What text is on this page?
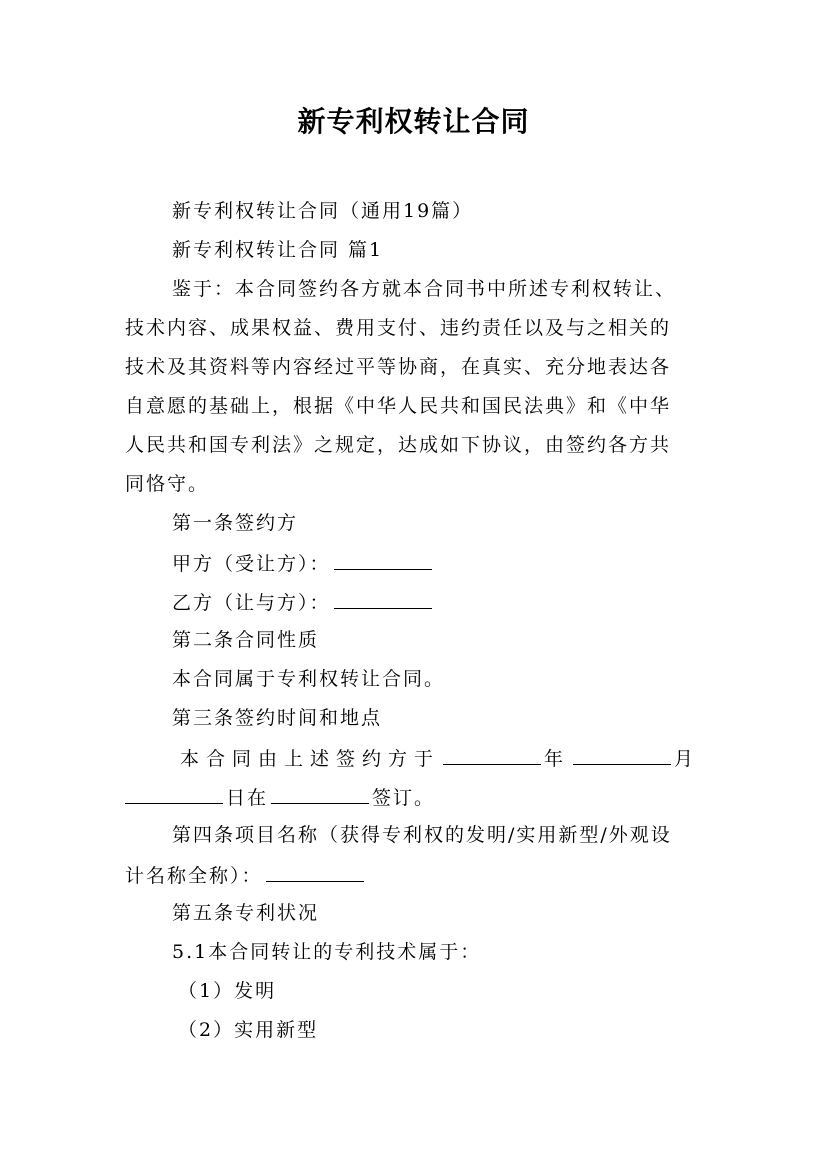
新专利权转让合同
新专利权转让合同（通用19篇）
新专利权转让合同 篇1
鉴于：本合同签约各方就本合同书中所述专利权转让、
技术内容、成果权益、费用支付、违约责任以及与之相关的
技术及其资料等内容经过平等协商，在真实、充分地表达各
自意愿的基础上，根据《中华人民共和国民法典》和《中华
人民共和国专利法》之规定，达成如下协议，由签约各方共
同恪守。
第一条签约方
甲方（受让方）：
乙方（让与方）：
第二条合同性质
本合同属于专利权转让合同。
第三条签约时间和地点
本合同由上述签约方于	年	月
日在	签订。
第四条项目名称（获得专利权的发明/实用新型/外观设
计名称全称）：
第五条专利状况
5.1本合同转让的专利技术属于：
（1）发明
（2）实用新型
